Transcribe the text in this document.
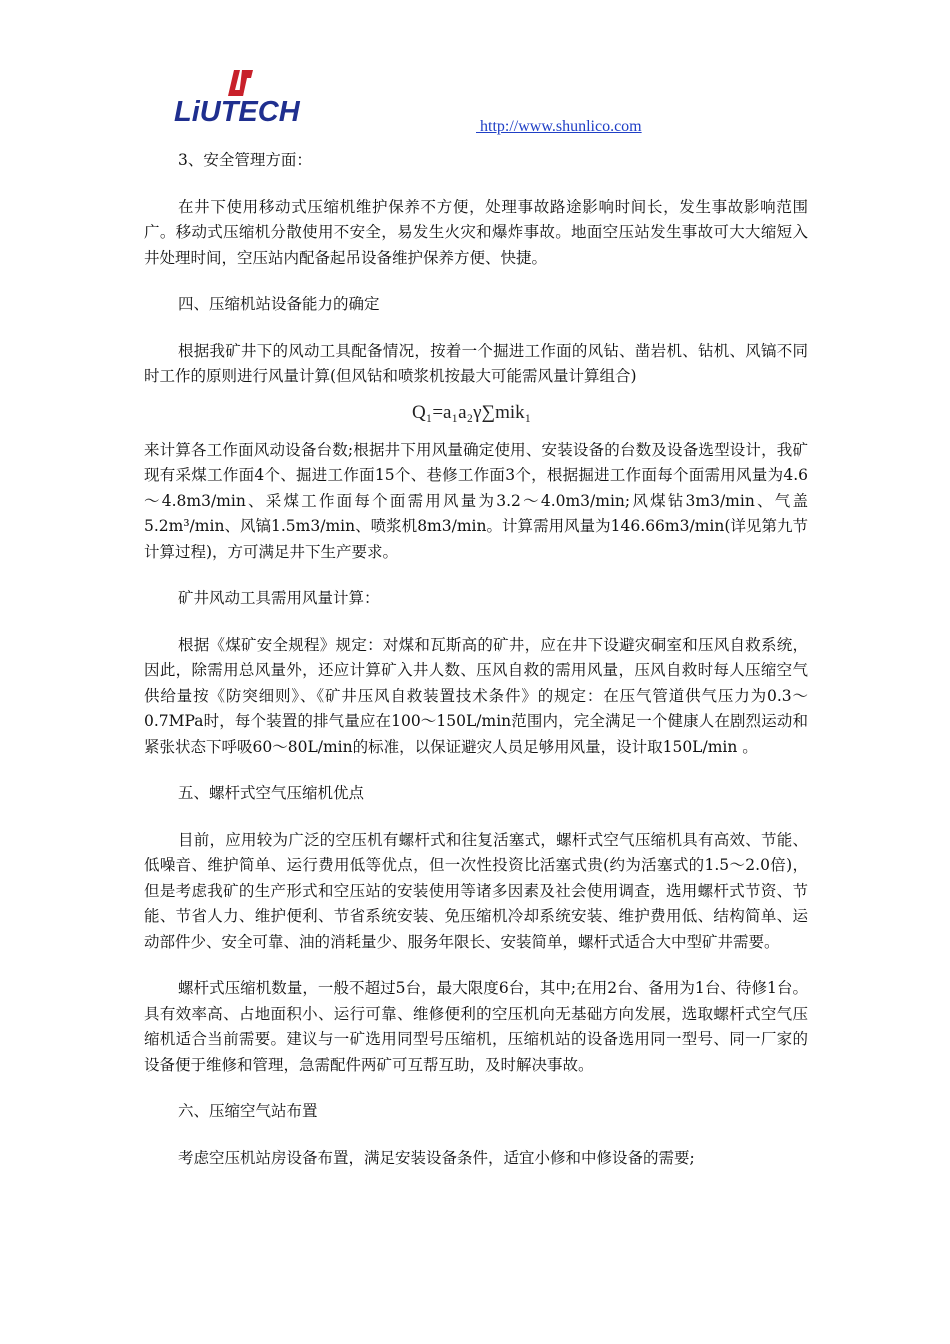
LiUTECH	http://www.shunlico.com

3、安全管理方面：

在井下使用移动式压缩机维护保养不方便，处理事故路途影响时间长，发生事故影响范围广。移动式压缩机分散使用不安全，易发生火灾和爆炸事故。地面空压站发生事故可大大缩短入井处理时间，空压站内配备起吊设备维护保养方便、快捷。

四、压缩机站设备能力的确定

根据我矿井下的风动工具配备情况，按着一个掘进工作面的风钻、凿岩机、钻机、风镐不同时工作的原则进行风量计算(但风钻和喷浆机按最大可能需风量计算组合)

Q₁=a₁a₂γ∑mik₁

来计算各工作面风动设备台数;根据井下用风量确定使用、安装设备的台数及设备选型设计，我矿现有采煤工作面4个、掘进工作面15个、巷修工作面3个，根据掘进工作面每个面需用风量为4.6～4.8m3/min、采煤工作面每个面需用风量为3.2～4.0m3/min;风煤钻3m3/min、气盖5.2m³/min、风镐1.5m3/min、喷浆机8m3/min。计算需用风量为146.66m3/min(详见第九节计算过程)，方可满足井下生产要求。

矿井风动工具需用风量计算：

根据《煤矿安全规程》规定：对煤和瓦斯高的矿井，应在井下设避灾硐室和压风自救系统，因此，除需用总风量外，还应计算矿入井人数、压风自救的需用风量，压风自救时每人压缩空气供给量按《防突细则》、《矿井压风自救装置技术条件》的规定：在压气管道供气压力为0.3～0.7MPa时，每个装置的排气量应在100～150L/min范围内，完全满足一个健康人在剧烈运动和紧张状态下呼吸60～80L/min的标准，以保证避灾人员足够用风量，设计取150L/min 。

五、螺杆式空气压缩机优点

目前，应用较为广泛的空压机有螺杆式和往复活塞式，螺杆式空气压缩机具有高效、节能、低噪音、维护简单、运行费用低等优点，但一次性投资比活塞式贵(约为活塞式的1.5～2.0倍)，但是考虑我矿的生产形式和空压站的安装使用等诸多因素及社会使用调查，选用螺杆式节资、节能、节省人力、维护便利、节省系统安装、免压缩机冷却系统安装、维护费用低、结构简单、运动部件少、安全可靠、油的消耗量少、服务年限长、安装简单，螺杆式适合大中型矿井需要。

螺杆式压缩机数量，一般不超过5台，最大限度6台，其中;在用2台、备用为1台、待修1台。具有效率高、占地面积小、运行可靠、维修便利的空压机向无基础方向发展，选取螺杆式空气压缩机适合当前需要。建议与一矿选用同型号压缩机，压缩机站的设备选用同一型号、同一厂家的设备便于维修和管理，急需配件两矿可互帮互助，及时解决事故。

六、压缩空气站布置

考虑空压机站房设备布置，满足安装设备条件，适宜小修和中修设备的需要;
